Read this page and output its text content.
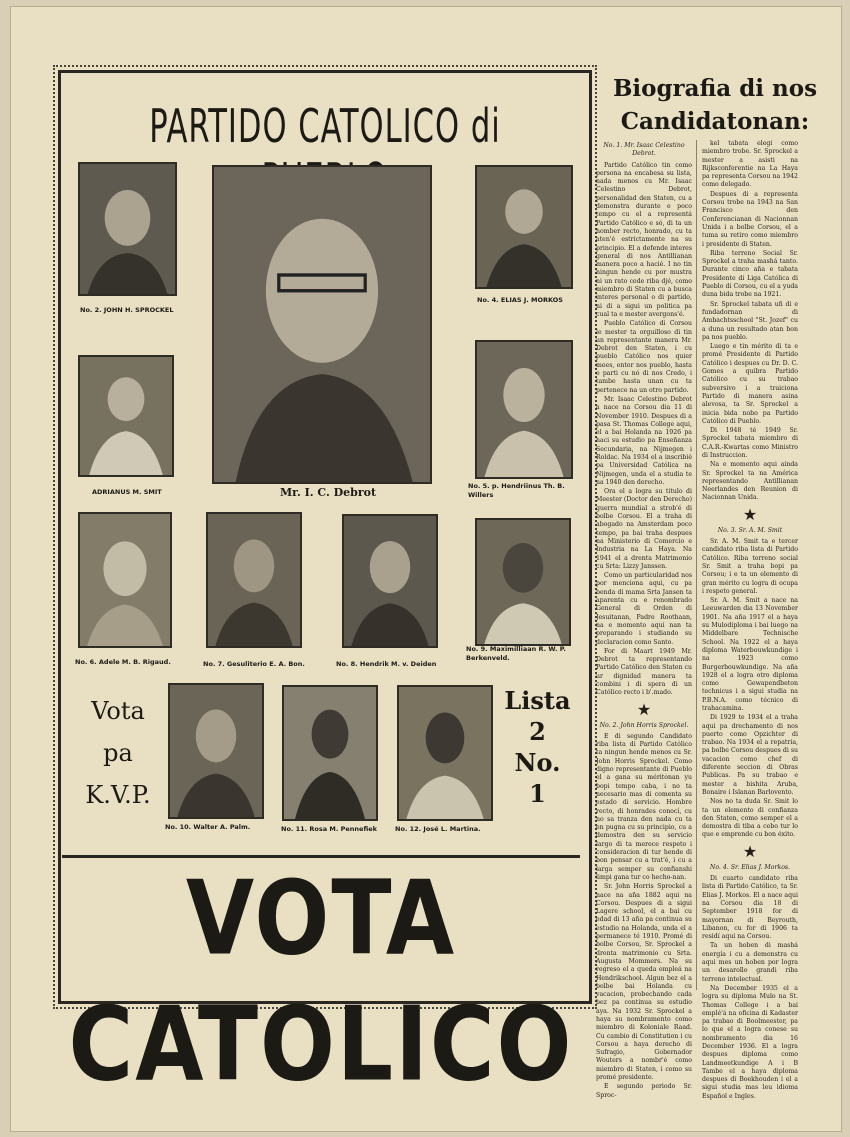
PARTIDO CATOLICO di
Mr. I. C. Debrot
No. 2. JOHN H. SPROCKEL
ADRIANUS M. SMIT
No. 4. ELIAS J. MORKOS
No. 5. p. Hendriinus Th. B. Willers
No. 6. Adele M. B. Rigaud.	No. 7. Gesuliterio E. A. Bon.	No. 8. Hendrik M. v. Deiden
No. 9. Maximilliaan R. W. P. Berkenveld.
Vota
pa
K.V.P.
No. 10. Walter A. Palm.	No. 11. Rosa M. Pennefiek	No. 12. José L. Martina.
Lista
2
No.
1
VOTA CATOLICO
Biografia di nos
Candidatonan:

No. 1. Mr. Isaac Celestino Debrot.

Partido Católico tin como persona na encabesa su lista, nada menos cu Mr. Isaac Celestino Debrot, personalidad den Staten, cu a demonstra durante e poco tempo cu el a representá Partido Católico e só, di ta un homber recto, honrado, cu ta aten'é estrictamente na su principio. El a defende interes general di nos Antillianan manera poco a hacié. I no tin ningun hende cu por mustra ni un rato cede riba djé, como miembro di Staten cu a busca interes personal o di partido, ni di a sigui un politica pa cual ta e mester avergons'é.

Pueblo Católico di Corsou le mester ta orguilloso di tin un representante manera Mr. Debrot den Staten, i cu pueblo Católico nos quier mees, enter nos pueblo, hasta e parti cu nó di nos Credo, i tambe hasta unan cu ta pertenece na un otro partido.

Mr. Isaac Celestino Debrot a nace na Corsou dia 11 di November 1910. Despues di a pasa St. Thomas College aqui, el a bai Holanda na 1926 pa haci su estudio pa Enseñanza Secundaria, na Nijmegen i Roldac. Na 1934 el a inscribié pa Universidad Católica na Nijmegen, unda el a studia te na 1940 den derecho.

Ora el a logra su titulo di Meester (Doctor den Derecho) guerra mundial a strob'é di bolbe Corsou. El a traha di abogado na Amsterdam poco tempo, pa bai traha despues na Ministerio di Comercio e Industria na La Haya. Na 1941 el a drenta Matrimonio cu Srta: Lizzy Janssen.

Como un particularidad nos por menciona aqui, cu pa benda di mama Srta Jansen ta aparenta cu e renombrado General di Orden di Jesuitanan, Padre Roothaan, na e momento aqui nan ta preparando i studiando su declaracion como Santo.

For di Maart 1949 Mr. Debrot ta representando Partido Católico den Staten cu ur dignidad manera ta combini i di spera di un Católico recto i b'.mado.

★

No. 2. John Horris Sprockel.

E di segundo Candidato riba lista di Partido Católico ta ningun hende menos cu Sr. John Horris Sprockel. Como digno representante di Pueblo el a gana su méritonan yu bopi tempo caba, i no ta necesario mas di comenta su estado di servicio. Hombre recto, di honrades conocí, cu no sa tranza den nada cu ta en pugna cu su principio, cu a demostra den su servicio largo di ta merece respeto i consideracion di tur hende di bon pensar cu a trat'é, i cu a larga semper su confianshi limpi gana tur co hecho-nan.

Sr. John Horris Sprockel a nace na aña 1882 aqui na Corsou. Despues di a sigui Lagere school, el a bai cu edad di 13 aña pa continua su estudio na Holanda, unda el a permanece té 1910. Promé di bolbe Corsou, Sr. Sprockel a drenta matrimonio cu Srta. Augusta Mommers. Na su regreso el a queda empleá na Hendrikschool. Algun bez el a bolbe bai Holanda cu vacacion, probechando cada bez pa continua su estudio aya. Na 1932 Sr. Sprockel a haya su nombramento como miembro di Koloniale Raad. Cu cambio di Constitution i cu Corsou a haya derecho di Sufragio, Gobernador Wouters a nombr'é como miembro di Staten, i como su promé presidente.

E segundo periodo Sr. Sproc-

kel tabata elegi como miembro trobe. Sr. Sprockel a mester a asisti na Rijksconferentie na La Haya pa representa Corsou na 1942 como delegado.

Despues di a representa Corsou trobe na 1943 na San Francisco den Conferencianan di Nacionnan Unida i a bolbe Corsou, el a tuma su retiro como miembro i presidente di Staten.

Riba terreno Social Sr. Sprockel a traha mashá tanto. Durante cinco aña e tabata Presidente di Liga Católica di Pueblo di Corsou, cu el a yuda duna bida trobe na 1921.

Sr. Sprockel tabata uñ di e fundadornan di Ambachtsschool "St. Jozef" cu a duna un resultado atan bon pa nos pueblo.

Luego e tin mérito di ta e promé Presidente di Partido Católico i despues cu Dr. D. C. Gomes a quibra Partido Católico cu su trabao subversivo i a traiciona Partido di manera asina alevosa, ta Sr. Sprockel a inicia bida nobo pa Partido Católico di Pueblo.

Di 1948 té 1949 Sr. Sprockel tabata miembro di C.A.R.-Kwartas como Ministro di Instruccion.

Na e momento aqui ainda Sr. Sprockel ta na América representando Antillianan Neerlandes den Reunion di Nacionnan Unida.

★

No. 3. Sr. A. M. Smit

Sr. A. M. Smit ta e tercer candidato riba lista di Partido Católico. Riba terreno social Sr. Smit a traha bopi pa Corsou; i e ta un elemento di gran mérito cu logra di ocupa i respeto general.

Sr. A. M. Smit a nace na Leeuwarden dia 13 November 1901. Na aña 1917 el a haya su Mulodiploma i bai luego na Middelbare Technische School. Na 1922 el a haya diploma Waterbouwkundige i na 1923 como Burgerbouwkundige. Na aña 1928 el a logra otro diploma como Gewapendbeton technicus i a sigui studia na P.B.N.A. como técnico di trahacamina.

Di 1929 te 1934 el a traha aqui pa drechamento di nos puerto como Opzichter di trabao. Na 1934 el a repatria, pa bolbe Corsou despues di su vacacion como chef di diferente seccion di Obras Publicas. Pa su trabao e mester a bishita Aruba, Bonaire i Islanan Barlovento.

Nos no ta duda Sr. Smit lo ta un elemento di confianza den Staten, como semper el a demostra di tiba a cebo tur lo que e emprende cu bon éxito.

★

No. 4. Sr. Elias J. Morkos.

Di cuarto candidato riba lista di Partido Católico, ta Sr. Elias J. Morkos. El a nace aqui na Corsou dia 18 di September 1918 for di mayornan di Beyrouth, Libanon, cu for di 1906 ta residí aqui na Corsou.

Ta un hoben di mashá energía i cu a demonstra cu aqui mes un hoben por logra un desarollo grandi riba terreno intelectual.

Na December 1935 el a logra su diploma Mulo na St. Thomas College i a bai emplé'á na oficina di Kadaster pa trabao di Boolmeester, pa lo que el a logra conese su nombramento dia 16 December 1936. El a logra despues diploma como Landmeetkundige A i B Tambe el a haya diploma despues di Boekhouden i el a sigui studia mas leu idioma Español e Ingles.
